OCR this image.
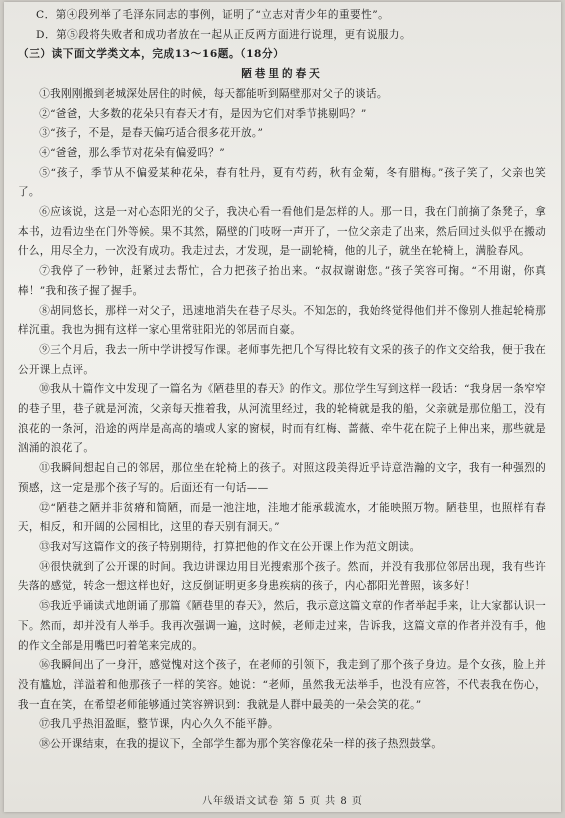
C．第④段列举了毛泽东同志的事例，证明了“立志对青少年的重要性”。
D．第⑤段将失败者和成功者放在一起从正反两方面进行说理，更有说服力。
（三）读下面文学类文本，完成13～16题。（18分）
陋巷里的春天
①我刚刚搬到老城深处居住的时候，每天都能听到隔壁那对父子的谈话。
②“爸爸，大多数的花朵只有春天才有，是因为它们对季节挑剔吗？”
③“孩子，不是，是春天偏巧适合很多花开放。”
④“爸爸，那么季节对花朵有偏爱吗？”
⑤“孩子，季节从不偏爱某种花朵，春有牡丹，夏有芍药，秋有金菊，冬有腊梅。”孩子笑了，父亲也笑了。
⑥应该说，这是一对心态阳光的父子，我决心看一看他们是怎样的人。那一日，我在门前摘了条凳子，拿本书，边看边坐在门外等候。果不其然，隔壁的门吱呀一声开了，一位父亲走了出来，然后回过头似乎在搬动什么，用尽全力，一次没有成功。我走过去，才发现，是一副轮椅，他的儿子，就坐在轮椅上，满脸春风。
⑦我停了一秒钟，赶紧过去帮忙，合力把孩子抬出来。“叔叔谢谢您。”孩子笑容可掬。“不用谢，你真棒！”我和孩子握了握手。
⑧胡同悠长，那样一对父子，迅速地消失在巷子尽头。不知怎的，我始终觉得他们并不像别人推起轮椅那样沉重。我也为拥有这样一家心里常驻阳光的邻居而自豪。
⑨三个月后，我去一所中学讲授写作课。老师事先把几个写得比较有文采的孩子的作文交给我，便于我在公开课上点评。
⑩我从十篇作文中发现了一篇名为《陋巷里的春天》的作文。那位学生写到这样一段话：“我身居一条窄窄的巷子里，巷子就是河流，父亲每天推着我，从河流里经过，我的轮椅就是我的船，父亲就是那位船工，没有浪花的一条河，沿途的两岸是高高的墙或人家的窗棂，时而有红梅、蔷薇、牵牛花在院子上伸出来，那些就是汹涌的浪花了。
⑪我瞬间想起自己的邻居，那位坐在轮椅上的孩子。对照这段美得近乎诗意浩瀚的文字，我有一种强烈的预感，这一定是那个孩子写的。后面还有一句话——
⑫“陋巷之陋并非贫瘠和简陋，而是一池注地，洼地才能承载流水，才能映照万物。陋巷里，也照样有春天，相反，和开阔的公园相比，这里的春天别有洞天。”
⑬我对写这篇作文的孩子特别期待，打算把他的作文在公开课上作为范文朗读。
⑭很快就到了公开课的时间。我边讲课边用目光搜索那个孩子。然而，并没有我那位邻居出现，我有些许失落的感觉，转念一想这样也好，这反倒证明更多身患疾病的孩子，内心都阳光普照，该多好！
⑮我近乎诵读式地朗诵了那篇《陋巷里的春天》，然后，我示意这篇文章的作者举起手来，让大家都认识一下。然而，却并没有人举手。我再次强调一遍，这时候，老师走过来，告诉我，这篇文章的作者并没有手，他的作文全部是用嘴巴叼着笔来完成的。
⑯我瞬间出了一身汗，感觉愧对这个孩子，在老师的引领下，我走到了那个孩子身边。是个女孩，脸上并没有尴尬，洋溢着和他那孩子一样的笑容。她说：“老师，虽然我无法举手，也没有应答，不代表我在伤心，我一直在笑，在希望老师能够通过笑容辨识到：我就是人群中最美的一朵会笑的花。”
⑰我几乎热泪盈眶，整节课，内心久久不能平静。
⑱公开课结束，在我的提议下，全部学生都为那个笑容像花朵一样的孩子热烈鼓掌。
八年级语文试卷 第 5 页 共 8 页
